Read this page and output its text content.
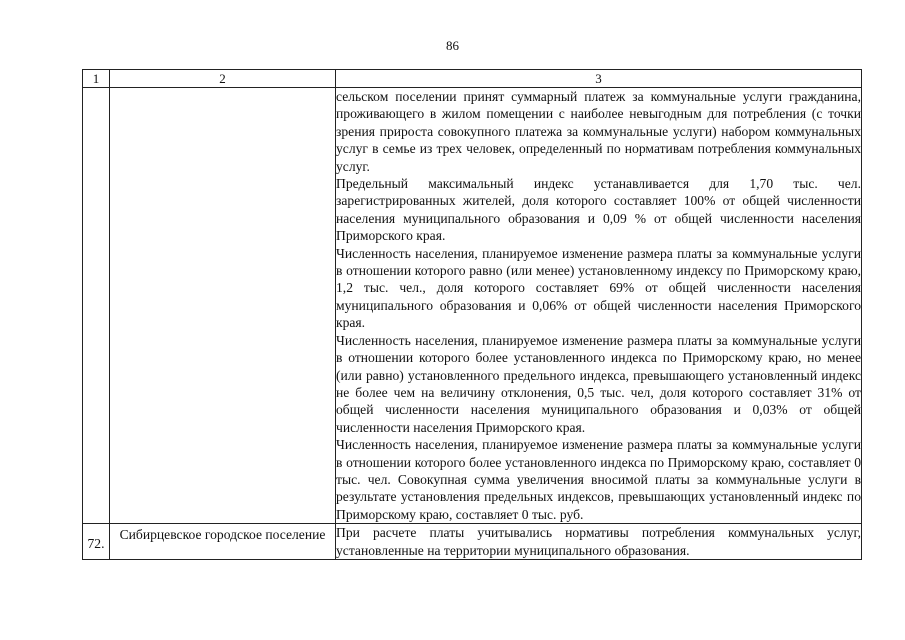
86
1	2	3

		сельском поселении принят суммарный платеж за коммунальные услуги гражданина, проживающего в жилом помещении с наиболее невыгодным для потребления (с точки зрения прироста совокупного платежа за коммунальные услуги) набором коммунальных услуг в семье из трех человек, определенный по нормативам потребления коммунальных услуг.
Предельный максимальный индекс устанавливается для 1,70 тыс. чел. зарегистрированных жителей, доля которого составляет 100% от общей численности населения муниципального образования и 0,09 % от общей численности населения Приморского края.
Численность населения, планируемое изменение размера платы за коммунальные услуги в отношении которого равно (или менее) установленному индексу по Приморскому краю, 1,2 тыс. чел., доля которого составляет 69% от общей численности населения муниципального образования и 0,06% от общей численности населения Приморского края.
Численность населения, планируемое изменение размера платы за коммунальные услуги в отношении которого более установленного индекса по Приморскому краю, но менее (или равно) установленного предельного индекса, превышающего установленный индекс не более чем на величину отклонения, 0,5 тыс. чел, доля которого составляет 31% от общей численности населения муниципального образования и 0,03% от общей численности населения Приморского края.
Численность населения, планируемое изменение размера платы за коммунальные услуги в отношении которого более установленного индекса по Приморскому краю, составляет 0 тыс. чел. Совокупная сумма увеличения вносимой платы за коммунальные услуги в результате установления предельных индексов, превышающих установленный индекс по Приморскому краю, составляет 0 тыс. руб.

72.	Сибирцевское городское поселение	При расчете платы учитывались нормативы потребления коммунальных услуг, установленные на территории муниципального образования.
